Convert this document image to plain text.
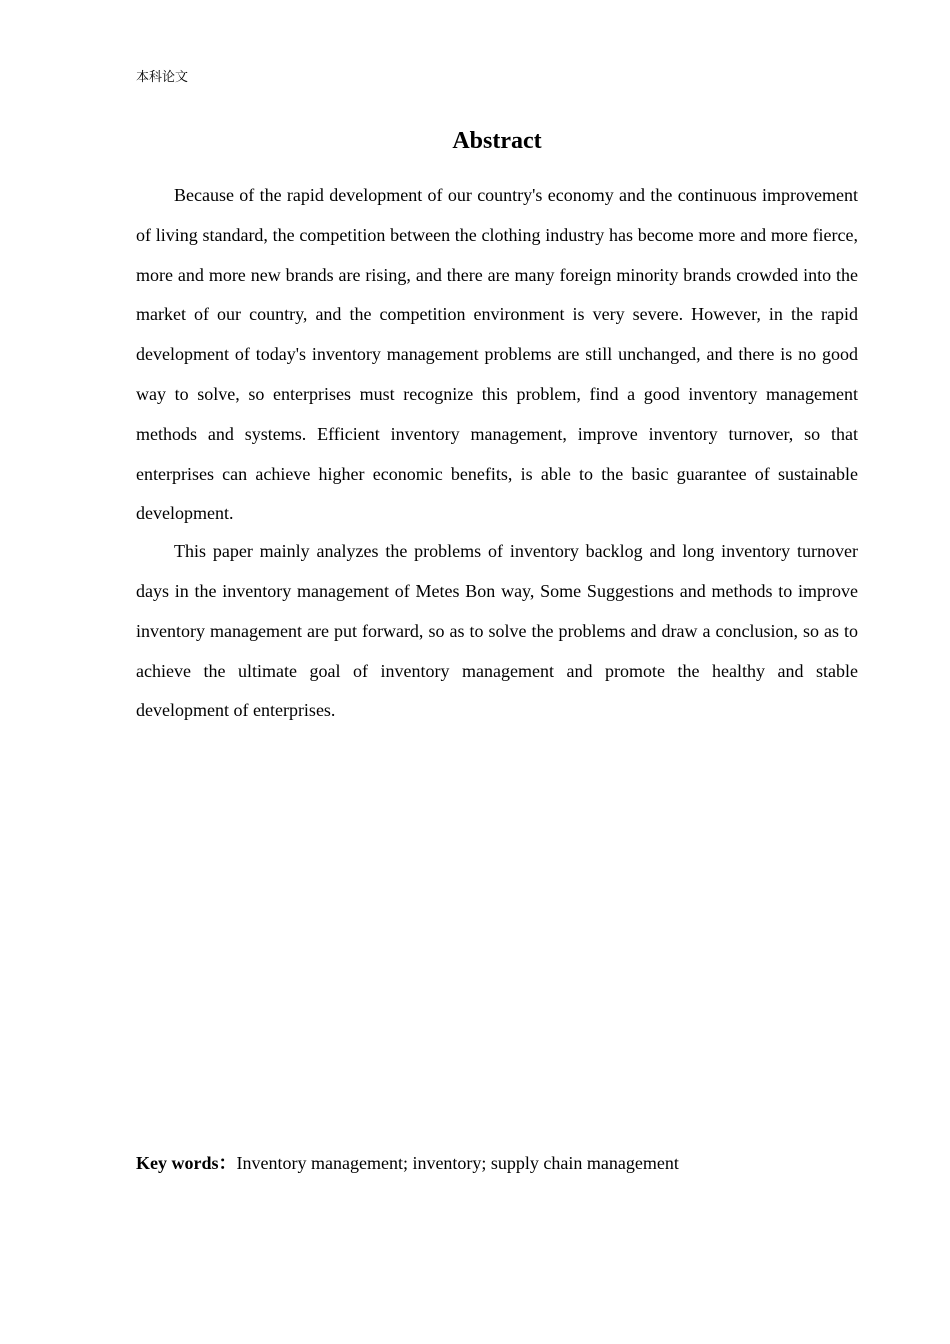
本科论文
Abstract

Because of the rapid development of our country's economy and the continuous improvement of living standard, the competition between the clothing industry has become more and more fierce, more and more new brands are rising, and there are many foreign minority brands crowded into the market of our country, and the competition environment is very severe. However, in the rapid development of today's inventory management problems are still unchanged, and there is no good way to solve, so enterprises must recognize this problem, find a good inventory management methods and systems. Efficient inventory management, improve inventory turnover, so that enterprises can achieve higher economic benefits, is able to the basic guarantee of sustainable development.

This paper mainly analyzes the problems of inventory backlog and long inventory turnover days in the inventory management of Metes Bon way, Some Suggestions and methods to improve inventory management are put forward, so as to solve the problems and draw a conclusion, so as to achieve the ultimate goal of inventory management and promote the healthy and stable development of enterprises.

Key words：Inventory management; inventory; supply chain management
